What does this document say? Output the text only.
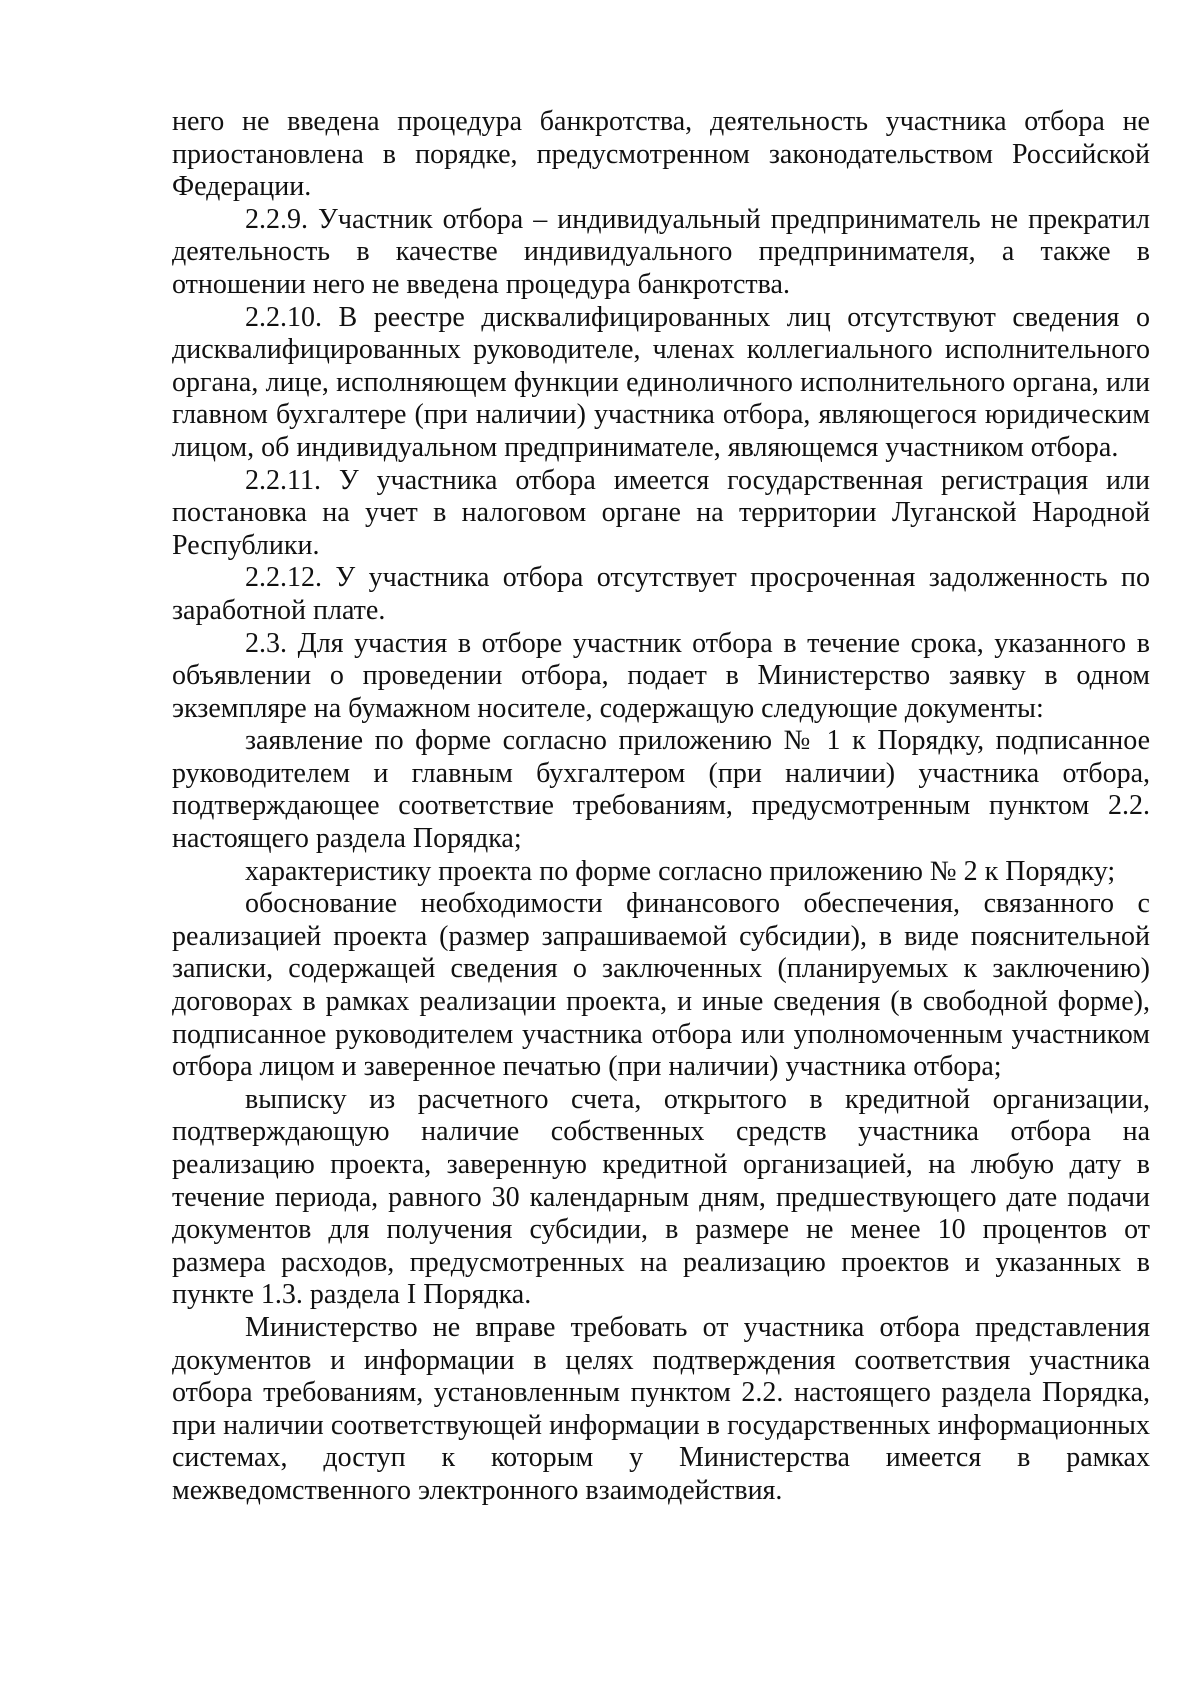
него не введена процедура банкротства, деятельность участника отбора не приостановлена в порядке, предусмотренном законодательством Российской Федерации.

2.2.9. Участник отбора – индивидуальный предприниматель не прекратил деятельность в качестве индивидуального предпринимателя, а также в отношении него не введена процедура банкротства.

2.2.10. В реестре дисквалифицированных лиц отсутствуют сведения о дисквалифицированных руководителе, членах коллегиального исполнительного органа, лице, исполняющем функции единоличного исполнительного органа, или главном бухгалтере (при наличии) участника отбора, являющегося юридическим лицом, об индивидуальном предпринимателе, являющемся участником отбора.

2.2.11. У участника отбора имеется государственная регистрация или постановка на учет в налоговом органе на территории Луганской Народной Республики.

2.2.12. У участника отбора отсутствует просроченная задолженность по заработной плате.

2.3. Для участия в отборе участник отбора в течение срока, указанного в объявлении о проведении отбора, подает в Министерство заявку в одном экземпляре на бумажном носителе, содержащую следующие документы:

заявление по форме согласно приложению № 1 к Порядку, подписанное руководителем и главным бухгалтером (при наличии) участника отбора, подтверждающее соответствие требованиям, предусмотренным пунктом 2.2. настоящего раздела Порядка;

характеристику проекта по форме согласно приложению № 2 к Порядку;

обоснование необходимости финансового обеспечения, связанного с реализацией проекта (размер запрашиваемой субсидии), в виде пояснительной записки, содержащей сведения о заключенных (планируемых к заключению) договорах в рамках реализации проекта, и иные сведения (в свободной форме), подписанное руководителем участника отбора или уполномоченным участником отбора лицом и заверенное печатью (при наличии) участника отбора;

выписку из расчетного счета, открытого в кредитной организации, подтверждающую наличие собственных средств участника отбора на реализацию проекта, заверенную кредитной организацией, на любую дату в течение периода, равного 30 календарным дням, предшествующего дате подачи документов для получения субсидии, в размере не менее 10 процентов от размера расходов, предусмотренных на реализацию проектов и указанных в пункте 1.3. раздела I Порядка.

Министерство не вправе требовать от участника отбора представления документов и информации в целях подтверждения соответствия участника отбора требованиям, установленным пунктом 2.2. настоящего раздела Порядка, при наличии соответствующей информации в государственных информационных системах, доступ к которым у Министерства имеется в рамках межведомственного электронного взаимодействия.
